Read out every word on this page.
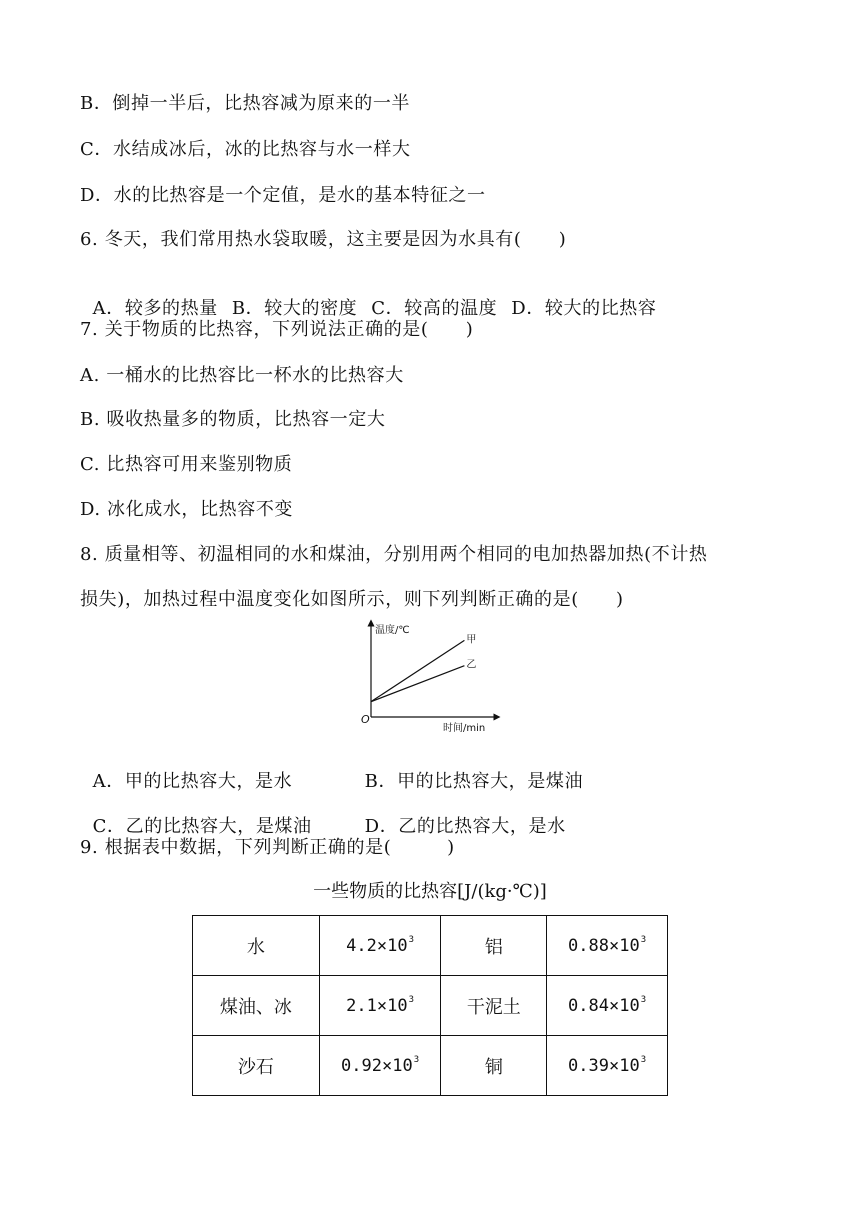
B．倒掉一半后，比热容减为原来的一半
C．水结成冰后，冰的比热容与水一样大
D．水的比热容是一个定值，是水的基本特征之一
6. 冬天，我们常用热水袋取暖，这主要是因为水具有(　　)

A．较多的热量 B．较大的密度 C．较高的温度 D．较大的比热容

7. 关于物质的比热容，下列说法正确的是(　　)
A. 一桶水的比热容比一杯水的比热容大
B. 吸收热量多的物质，比热容一定大
C. 比热容可用来鉴别物质
D. 冰化成水，比热容不变
8. 质量相等、初温相同的水和煤油，分别用两个相同的电加热器加热(不计热
损失)，加热过程中温度变化如图所示，则下列判断正确的是(　　)
温度/℃
时间/min
O
甲
乙

A．甲的比热容大，是水	B．甲的比热容大，是煤油

C．乙的比热容大，是煤油	D．乙的比热容大，是水

9. 根据表中数据，下列判断正确的是(　　　)
一些物质的比热容[J/(kg·℃)]
水	$4.2\times 10^3$	铝	$0.88\times 10^3$
煤油、冰	$2.1\times 10^3$	干泥土	$0.84\times 10^3$
沙石	$0.92\times 10^3$	铜	$0.39\times 10^3$
